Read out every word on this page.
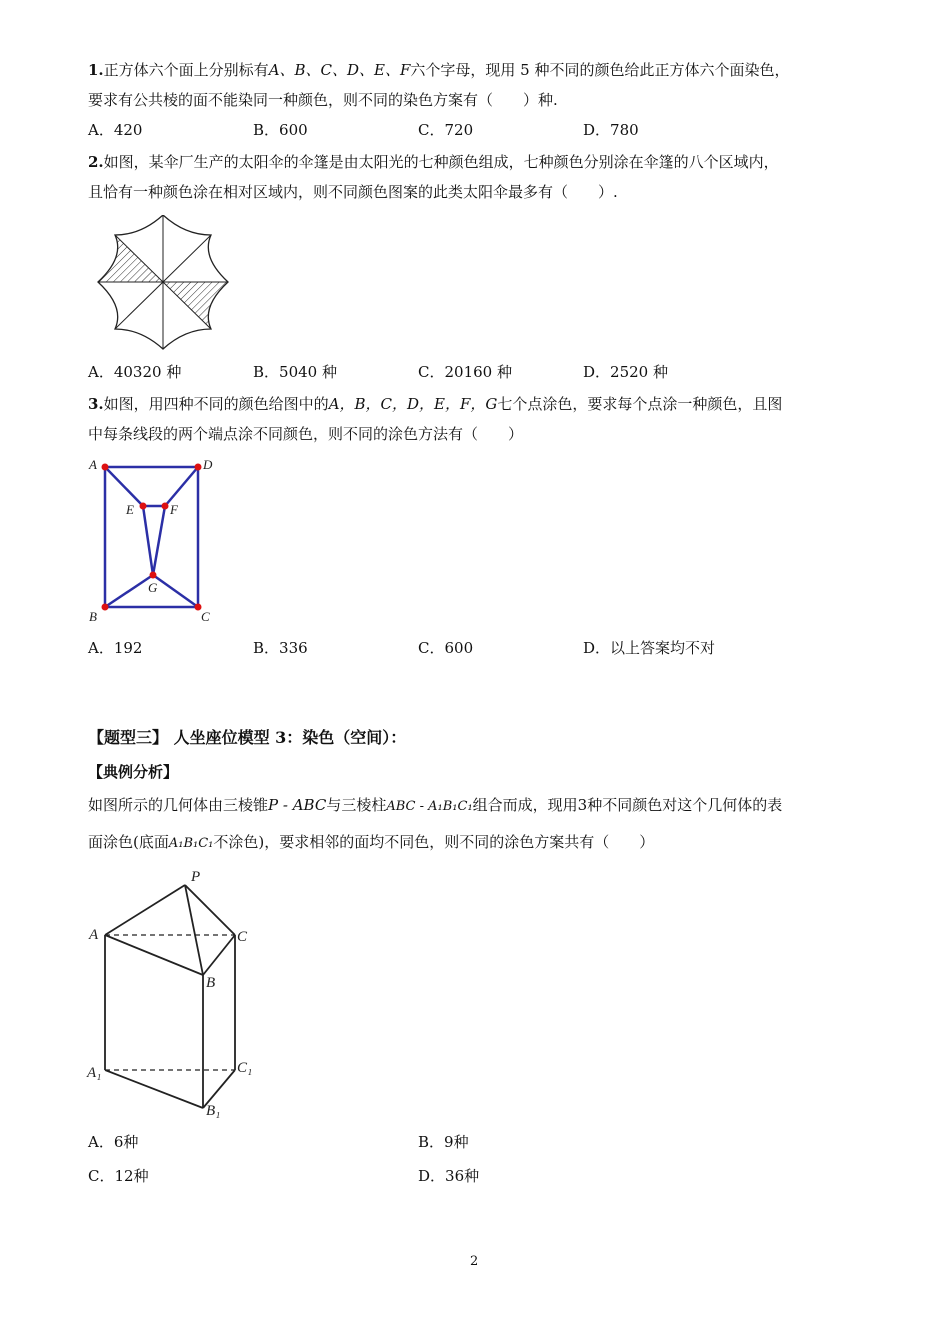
1.正方体六个面上分别标有A、B、C、D、E、F六个字母，现用 5 种不同的颜色给此正方体六个面染色，
要求有公共棱的面不能染同一种颜色，则不同的染色方案有（　　）种.
A．420	B．600	C．720	D．780
2.如图，某伞厂生产的太阳伞的伞篷是由太阳光的七种颜色组成，七种颜色分别涂在伞篷的八个区域内，
且恰有一种颜色涂在相对区域内，则不同颜色图案的此类太阳伞最多有（　　）.
A．40320 种	B．5040 种	C．20160 种	D．2520 种
3.如图，用四种不同的颜色给图中的A，B，C，D，E，F，G七个点涂色，要求每个点涂一种颜色，且图
中每条线段的两个端点涂不同颜色，则不同的涂色方法有（　　）
A	D
E	F
G
B	C
A．192	B．336	C．600	D．以上答案均不对
【题型三】 人坐座位模型 3：染色（空间）：
【典例分析】
如图所示的几何体由三棱锥P - ABC与三棱柱ABC - A₁B₁C₁组合而成，现用3种不同颜色对这个几何体的表
面涂色(底面A₁B₁C₁不涂色)，要求相邻的面均不同色，则不同的涂色方案共有（　　）
P
A	C
B
A₁	C₁
B₁
A．6种	B．9种
C．12种	D．36种
2
